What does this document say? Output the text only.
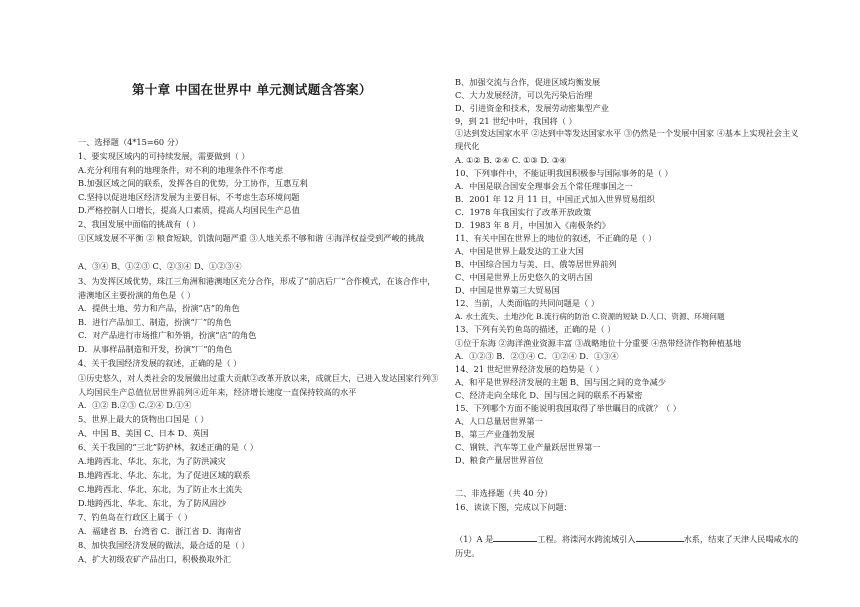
第十章 中国在世界中 单元测试题含答案）
一、选择题（4*15=60 分）
1、要实现区域内的可持续发展，需要做到（ ）
A.充分利用有利的地理条件，对不利的地理条件不作考虑
B.加强区域之间的联系，发挥各自的优势，分工协作，互惠互利
C.坚持以促进地区经济发展为主要目标，不考虑生态环境问题
D.严格控制人口增长，提高人口素质，提高人均国民生产总值
2、我国发展中面临的挑战有（ ）
①区域发展不平衡 ② 粮食短缺，饥饿问题严重 ③人地关系不够和谐 ④海洋权益受到严峻的挑战
A、③④ B、①②③ C、②③④ D、①②③④
3、为发挥区域优势，珠江三角洲和港澳地区充分合作，形成了“前店后厂”合作模式，在该合作中，港澳地区主要扮演的角色是（ ）
A．提供土地、劳力和产品，扮演“店”的角色
B．进行产品加工、制造，扮演“厂”的角色
C．对产品进行市场推广和外销，扮演“店”的角色
D．从事样品制造和开发，扮演“厂”的角色
4、关于我国经济发展的叙述，正确的是（ ）
①历史悠久，对人类社会的发展做出过重大贡献②改革开放以来，成就巨大，已进入发达国家行列③人均国民生产总值位居世界前列④近年来，经济增长速度一直保持较高的水平
A．①② B.②③ C.②④ D.①④
5、世界上最大的货物出口国是（ ）
A、中国 B、美国 C、日本 D、英国
6、关于我国的“三北”防护林，叙述正确的是（ ）
A.地跨西北、华北、东北，为了防洪减灾
B.地跨西北、华北、东北，为了促进区域的联系
C.地跨西北、华北、东北，为了防止水土流失
D.地跨西北、华北、东北，为了防风固沙
7、钓鱼岛在行政区上属于（ ）
A．福建省 B．台湾省 C．浙江省 D．海南省
8、加快我国经济发展的做法，最合适的是（ ）
A、扩大初级农矿产品出口，积极换取外汇
B、加强交流与合作，促进区域均衡发展
C、大力发展经济，可以先污染后治理
D、引进资金和技术，发展劳动密集型产业
9，到 21 世纪中叶，我国将（ ）
①达到发达国家水平 ②达到中等发达国家水平 ③仍然是一个发展中国家 ④基本上实现社会主义现代化
A. ①② B. ②④ C. ①③ D. ③④
10、下列事件中，不能证明我国积极参与国际事务的是（ ）
A．中国是联合国安全理事会五个常任理事国之一
B．2001 年 12 月 11 日，中国正式加入世界贸易组织
C．1978 年我国实行了改革开放政策
D．1983 年 8 月，中国加入《南极条约》
11、有关中国在世界上的地位的叙述，不正确的是（ ）
A、中国是世界上最发达的工业大国
B、中国综合国力与美、日、俄等居世界前列
C、中国是世界上历史悠久的文明古国
D、中国是世界第三大贸易国
12、当前，人类面临的共同问题是（ ）
A. 水土流失、土地沙化 B.流行病的防治 C.资源的短缺 D.人口、资源、环境问题
13、下列有关钓鱼岛的描述，正确的是（ ）
①位于东海 ②海洋渔业资源丰富 ③战略地位十分重要 ④热带经济作物种植基地
A．①②③ B．②③④ C．①②④ D．①③④
14、21 世纪世界经济发展的趋势是（ ）
A、和平是世界经济发展的主题 B、国与国之间的竞争减少
C、经济走向全球化 D、国与国之间的联系不再紧密
15、下列哪个方面不能说明我国取得了举世瞩目的成就？（ ）
A、人口总量居世界第一
B、第三产业蓬勃发展
C、钢铁、汽车等工业产量跃居世界第一
D、粮食产量居世界首位
二、非选择题（共 40 分）
16、读读下图，完成以下问题：
（1）A 是	工程。将滦河水跨流域引入	水系，结束了天津人民喝咸水的历史。
